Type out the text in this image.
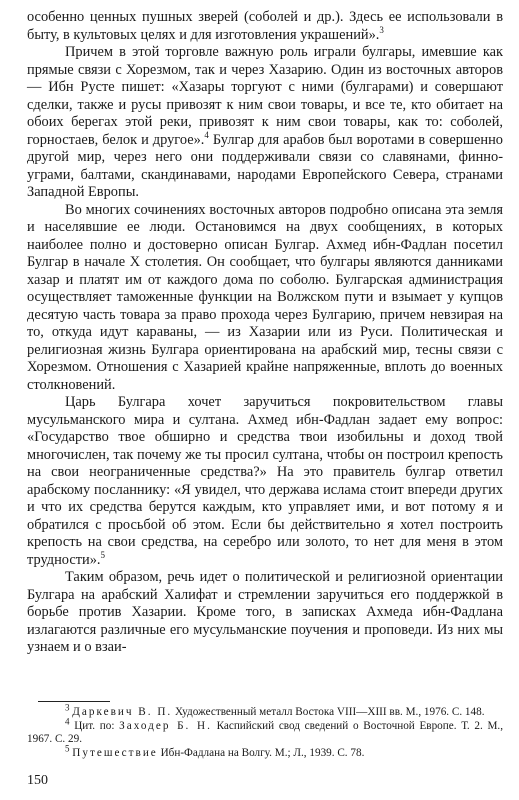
особенно ценных пушных зверей (соболей и др.). Здесь ее использовали в быту, в культовых целях и для изготовления украшений».$^3$

Причем в этой торговле важную роль играли булгары, имевшие как прямые связи с Хорезмом, так и через Хазарию. Один из восточных авторов — Ибн Русте пишет: «Хазары торгуют с ними (булгарами) и совершают сделки, также и русы привозят к ним свои товары, и все те, кто обитает на обоих берегах этой реки, привозят к ним свои товары, как то: соболей, горностаев, белок и другое».$^4$ Булгар для арабов был воротами в совершенно другой мир, через него они поддерживали связи со славянами, финно-уграми, балтами, скандинавами, народами Европейского Севера, странами Западной Европы.

Во многих сочинениях восточных авторов подробно описана эта земля и населявшие ее люди. Остановимся на двух сообщениях, в которых наиболее полно и достоверно описан Булгар. Ахмед ибн-Фадлан посетил Булгар в начале X столетия. Он сообщает, что булгары являются данниками хазар и платят им от каждого дома по соболю. Булгарская администрация осуществляет таможенные функции на Волжском пути и взымает у купцов десятую часть товара за право прохода через Булгарию, причем невзирая на то, откуда идут караваны, — из Хазарии или из Руси. Политическая и религиозная жизнь Булгара ориентирована на арабский мир, тесны связи с Хорезмом. Отношения с Хазарией крайне напряженные, вплоть до военных столкновений.

Царь Булгара хочет заручиться покровительством главы мусульманского мира и султана. Ахмед ибн-Фадлан задает ему вопрос: «Государство твое обширно и средства твои изобильны и доход твой многочислен, так почему же ты просил султана, чтобы он построил крепость на свои неограниченные средства?» На это правитель булгар ответил арабскому посланнику: «Я увидел, что держава ислама стоит впереди других и что их средства берутся каждым, кто управляет ими, и вот потому я и обратился с просьбой об этом. Если бы действительно я хотел построить крепость на свои средства, на серебро или золото, то нет для меня в этом трудности».$^5$

Таким образом, речь идет о политической и религиозной ориентации Булгара на арабский Халифат и стремлении заручиться его поддержкой в борьбе против Хазарии. Кроме того, в записках Ахмеда ибн-Фадлана излагаются различные его мусульманские поучения и проповеди. Из них мы узнаем и о взаи-

$^3$ Даркевич В. П. Художественный металл Востока VIII—XIII вв. М., 1976. С. 148.

$^4$ Цит. по: Заходер Б. Н. Каспийский свод сведений о Восточной Европе. Т. 2. М., 1967. С. 29.

$^5$ Путешествие Ибн-Фадлана на Волгу. М.; Л., 1939. С. 78.

150
